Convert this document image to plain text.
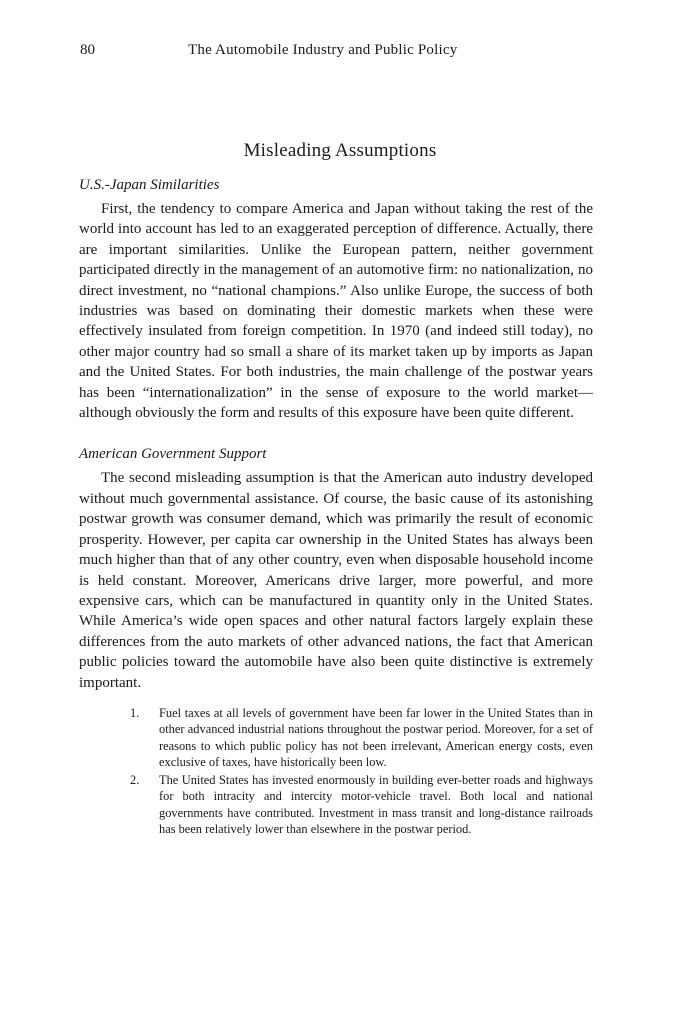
80	The Automobile Industry and Public Policy
Misleading Assumptions

U.S.-Japan Similarities

First, the tendency to compare America and Japan without taking the rest of the world into account has led to an exaggerated perception of difference. Actually, there are important similarities. Unlike the European pattern, neither government participated directly in the management of an automotive firm: no nationalization, no direct investment, no “national champions.” Also unlike Europe, the success of both industries was based on dominating their domestic markets when these were effectively insulated from foreign competition. In 1970 (and indeed still today), no other major country had so small a share of its market taken up by imports as Japan and the United States. For both industries, the main challenge of the postwar years has been “internationalization” in the sense of exposure to the world market—although obviously the form and results of this exposure have been quite different.

American Government Support

The second misleading assumption is that the American auto industry developed without much governmental assistance. Of course, the basic cause of its astonishing postwar growth was consumer demand, which was primarily the result of economic prosperity. However, per capita car ownership in the United States has always been much higher than that of any other country, even when disposable household income is held constant. Moreover, Americans drive larger, more powerful, and more expensive cars, which can be manufactured in quantity only in the United States. While America’s wide open spaces and other natural factors largely explain these differences from the auto markets of other advanced nations, the fact that American public policies toward the automobile have also been quite distinctive is extremely important.

1. Fuel taxes at all levels of government have been far lower in the United States than in other advanced industrial nations throughout the postwar period. Moreover, for a set of reasons to which public policy has not been irrelevant, American energy costs, even exclusive of taxes, have historically been low.
2. The United States has invested enormously in building ever-better roads and highways for both intracity and intercity motor-vehicle travel. Both local and national governments have contributed. Investment in mass transit and long-distance railroads has been relatively lower than elsewhere in the postwar period.
